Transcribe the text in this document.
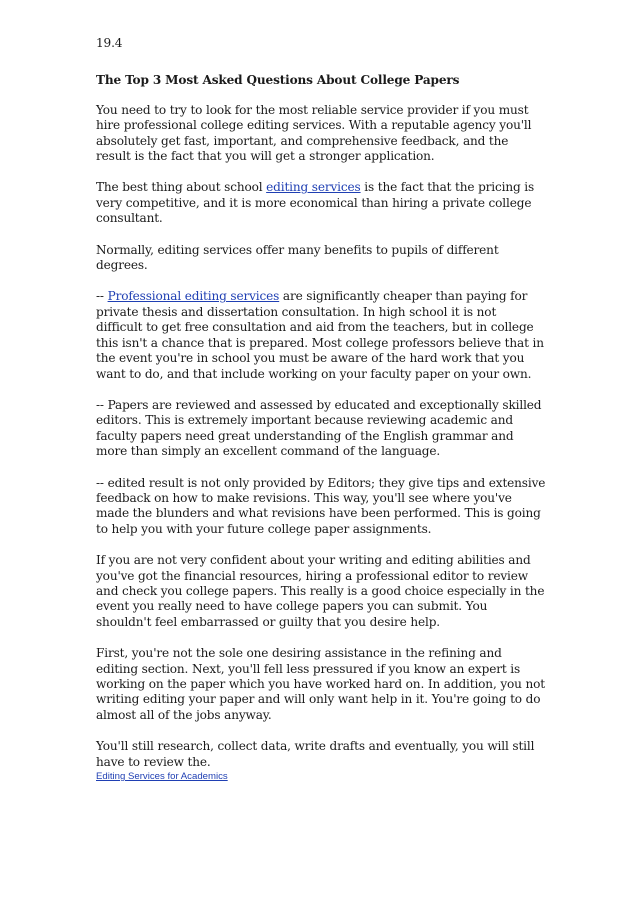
19.4
The Top 3 Most Asked Questions About College Papers

You need to try to look for the most reliable service provider if you must hire professional college editing services. With a reputable agency you'll absolutely get fast, important, and comprehensive feedback, and the result is the fact that you will get a stronger application.

The best thing about school editing services is the fact that the pricing is very competitive, and it is more economical than hiring a private college consultant.

Normally, editing services offer many benefits to pupils of different degrees.

-- Professional editing services are significantly cheaper than paying for private thesis and dissertation consultation. In high school it is not difficult to get free consultation and aid from the teachers, but in college this isn't a chance that is prepared. Most college professors believe that in the event you're in school you must be aware of the hard work that you want to do, and that include working on your faculty paper on your own.

-- Papers are reviewed and assessed by educated and exceptionally skilled editors. This is extremely important because reviewing academic and faculty papers need great understanding of the English grammar and more than simply an excellent command of the language.

-- edited result is not only provided by Editors; they give tips and extensive feedback on how to make revisions. This way, you'll see where you've made the blunders and what revisions have been performed. This is going to help you with your future college paper assignments.

If you are not very confident about your writing and editing abilities and you've got the financial resources, hiring a professional editor to review and check you college papers. This really is a good choice especially in the event you really need to have college papers you can submit. You shouldn't feel embarrassed or guilty that you desire help.

First, you're not the sole one desiring assistance in the refining and editing section. Next, you'll fell less pressured if you know an expert is working on the paper which you have worked hard on. In addition, you not writing editing your paper and will only want help in it. You're going to do almost all of the jobs anyway.

You'll still research, collect data, write drafts and eventually, you will still have to review the.

Editing Services for Academics
